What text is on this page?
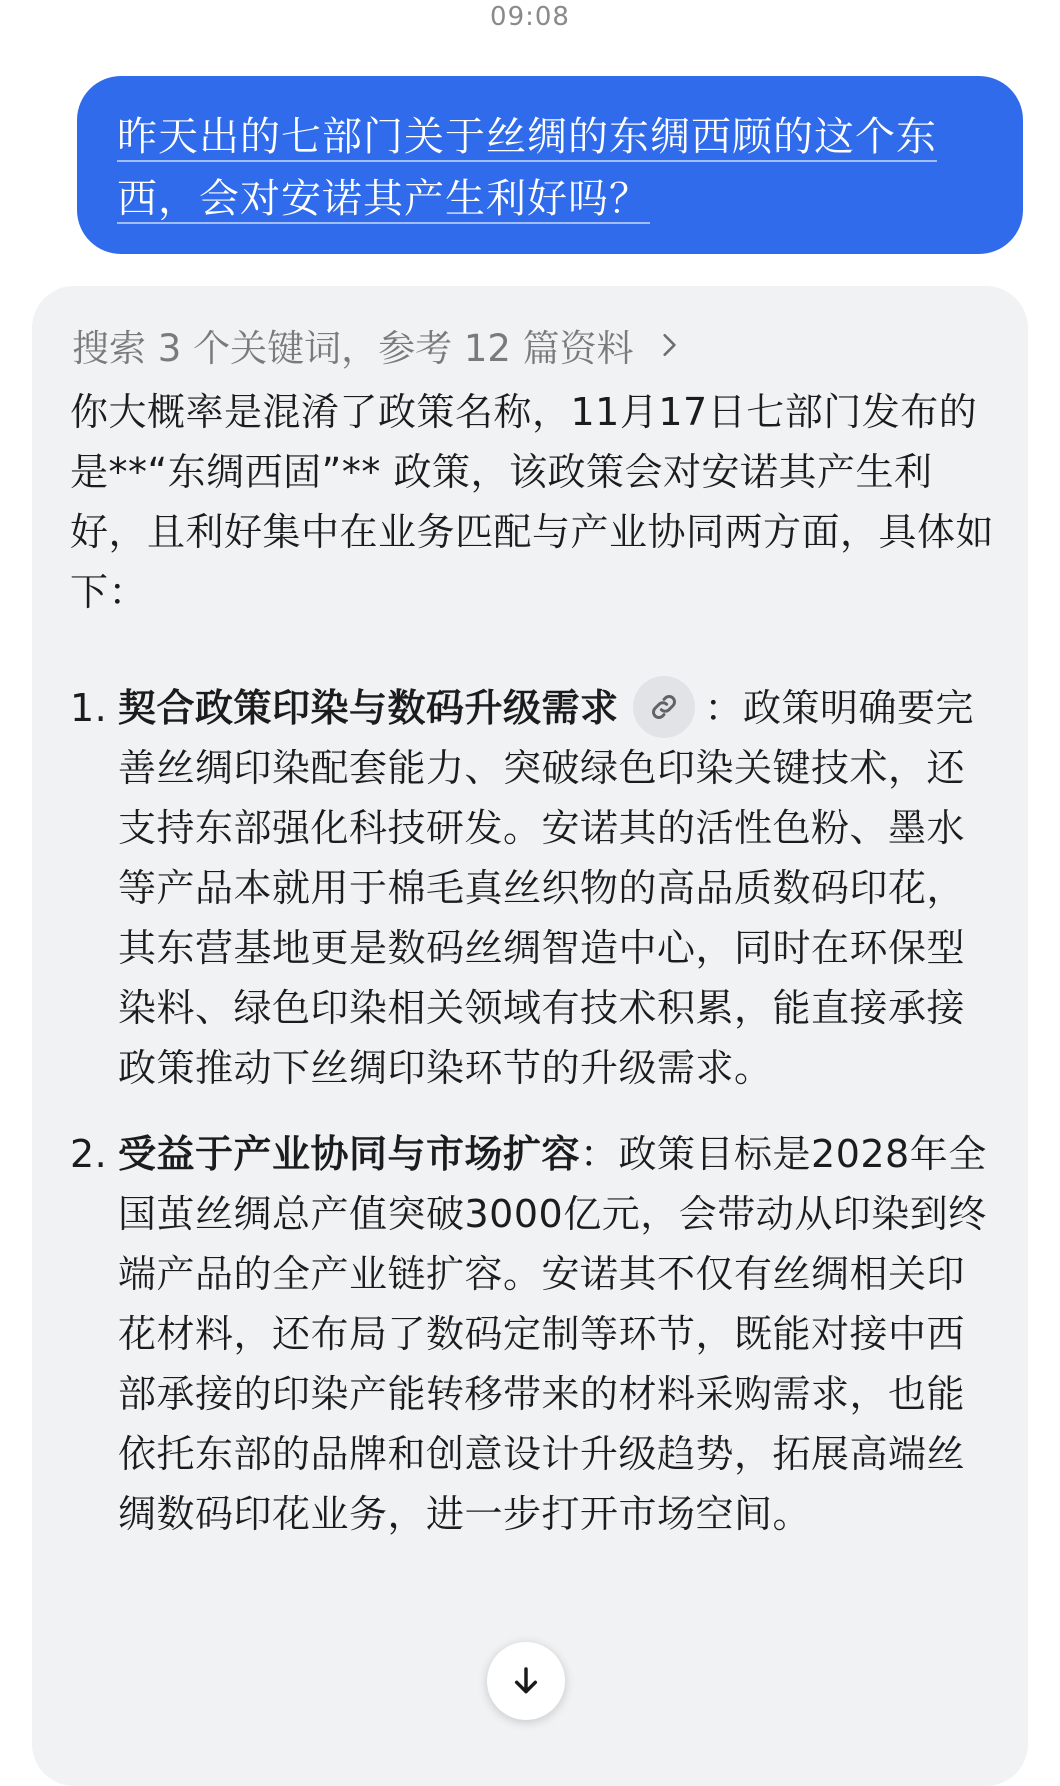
09:08
昨天出的七部门关于丝绸的东绸西顾的这个东西，会对安诺其产生利好吗？
搜索 3 个关键词，参考 12 篇资料

你大概率是混淆了政策名称，11月17日七部门发布的是**“东绸西固”** 政策，该政策会对安诺其产生利好，且利好集中在业务匹配与产业协同两方面，具体如下：

1. 契合政策印染与数码升级需求 ：政策明确要完善丝绸印染配套能力、突破绿色印染关键技术，还支持东部强化科技研发。安诺其的活性色粉、墨水等产品本就用于棉毛真丝织物的高品质数码印花，其东营基地更是数码丝绸智造中心，同时在环保型染料、绿色印染相关领域有技术积累，能直接承接政策推动下丝绸印染环节的升级需求。
2. 受益于产业协同与市场扩容：政策目标是2028年全国茧丝绸总产值突破3000亿元，会带动从印染到终端产品的全产业链扩容。安诺其不仅有丝绸相关印花材料，还布局了数码定制等环节，既能对接中西部承接的印染产能转移带来的材料采购需求，也能依托东部的品牌和创意设计升级趋势，拓展高端丝绸数码印花业务，进一步打开市场空间。
